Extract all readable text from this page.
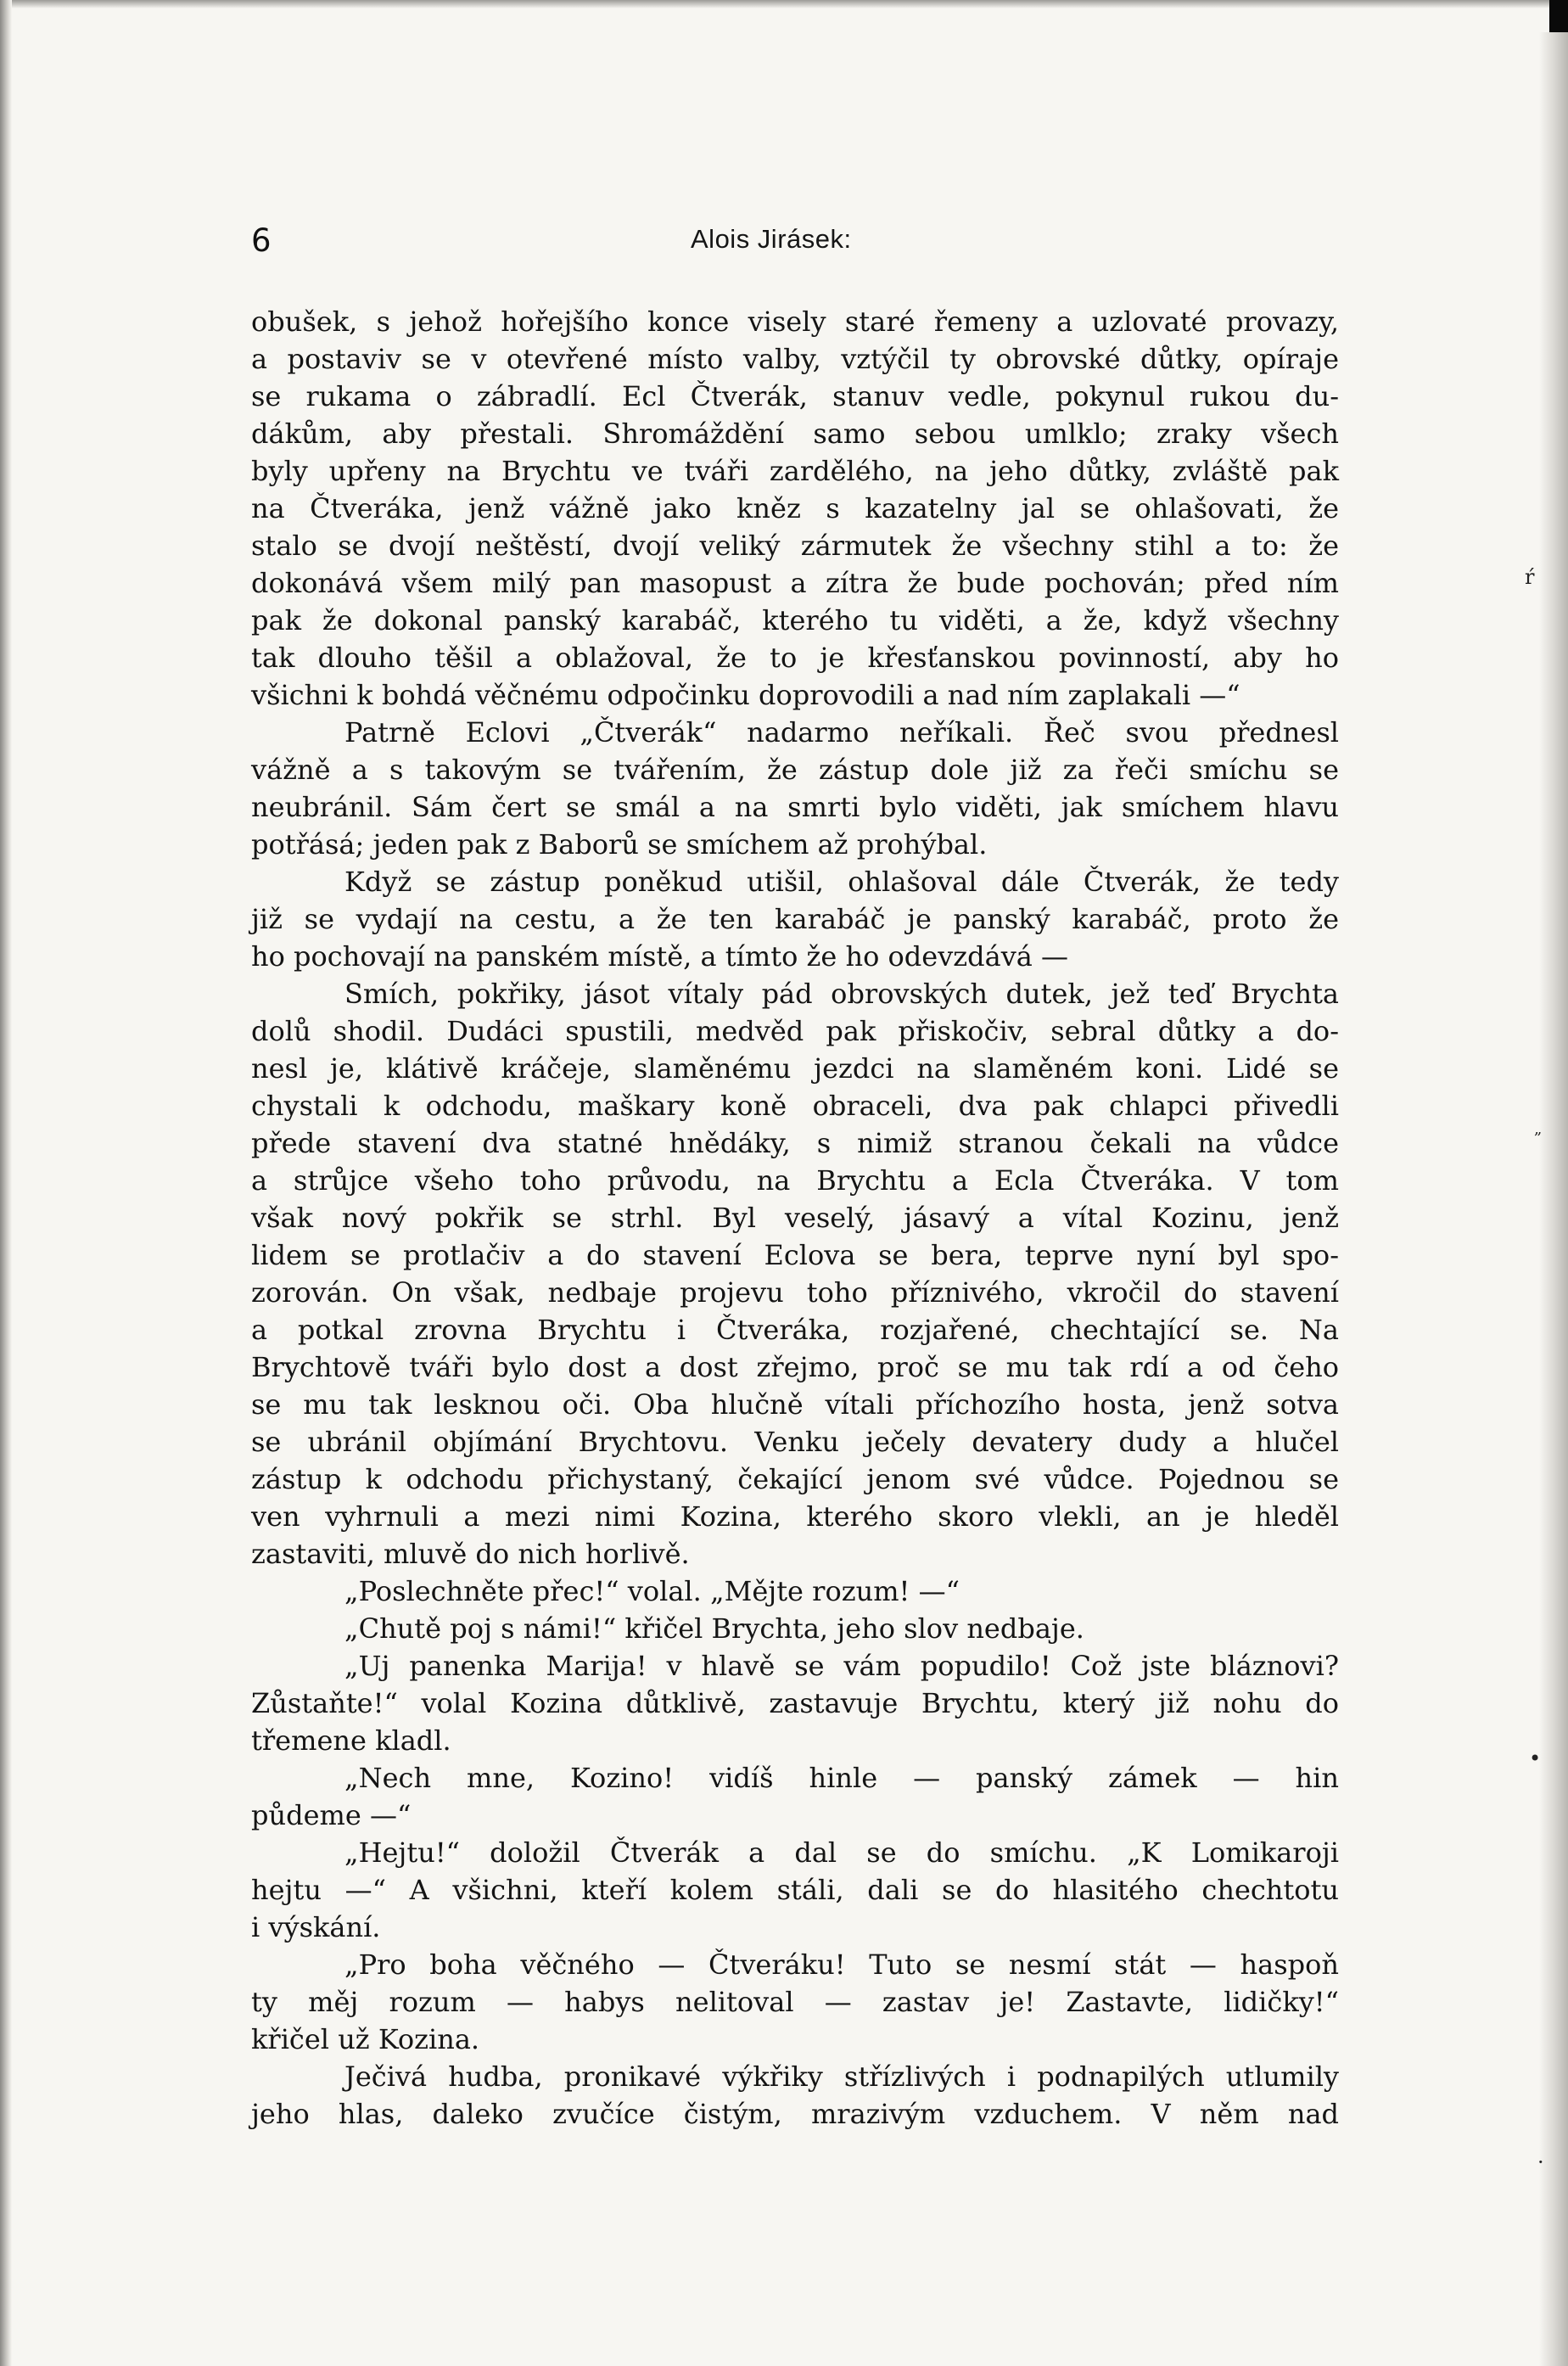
ŕ
„
•
·
6	Alois Jirásek:
obušek, s jehož hořejšího konce visely staré řemeny a uzlovaté provazy,
a postaviv se v otevřené místo valby, vztýčil ty obrovské důtky, opíraje
se rukama o zábradlí. Ecl Čtverák, stanuv vedle, pokynul rukou du-
dákům, aby přestali. Shromáždění samo sebou umlklo; zraky všech
byly upřeny na Brychtu ve tváři zardělého, na jeho důtky, zvláště pak
na Čtveráka, jenž vážně jako kněz s kazatelny jal se ohlašovati, že
stalo se dvojí neštěstí, dvojí veliký zármutek že všechny stihl a to: že
dokonává všem milý pan masopust a zítra že bude pochován; před ním
pak že dokonal panský karabáč, kterého tu viděti, a že, když všechny
tak dlouho těšil a oblažoval, že to je křesťanskou povinností, aby ho
všichni k bohdá věčnému odpočinku doprovodili a nad ním zaplakali —“
Patrně Eclovi „Čtverák“ nadarmo neříkali. Řeč svou přednesl
vážně a s takovým se tvářením, že zástup dole již za řeči smíchu se
neubránil. Sám čert se smál a na smrti bylo viděti, jak smíchem hlavu
potřásá; jeden pak z Baborů se smíchem až prohýbal.
Když se zástup poněkud utišil, ohlašoval dále Čtverák, že tedy
již se vydají na cestu, a že ten karabáč je panský karabáč, proto že
ho pochovají na panském místě, a tímto že ho odevzdává —
Smích, pokřiky, jásot vítaly pád obrovských dutek, jež teď Brychta
dolů shodil. Dudáci spustili, medvěd pak přiskočiv, sebral důtky a do-
nesl je, klátivě kráčeje, slaměnému jezdci na slaměném koni. Lidé se
chystali k odchodu, maškary koně obraceli, dva pak chlapci přivedli
přede stavení dva statné hnědáky, s nimiž stranou čekali na vůdce
a strůjce všeho toho průvodu, na Brychtu a Ecla Čtveráka. V tom
však nový pokřik se strhl. Byl veselý, jásavý a vítal Kozinu, jenž
lidem se protlačiv a do stavení Eclova se bera, teprve nyní byl spo-
zorován. On však, nedbaje projevu toho příznivého, vkročil do stavení
a potkal zrovna Brychtu i Čtveráka, rozjařené, chechtající se. Na
Brychtově tváři bylo dost a dost zřejmo, proč se mu tak rdí a od čeho
se mu tak lesknou oči. Oba hlučně vítali příchozího hosta, jenž sotva
se ubránil objímání Brychtovu. Venku ječely devatery dudy a hlučel
zástup k odchodu přichystaný, čekající jenom své vůdce. Pojednou se
ven vyhrnuli a mezi nimi Kozina, kterého skoro vlekli, an je hleděl
zastaviti, mluvě do nich horlivě.
„Poslechněte přec!“ volal. „Mějte rozum! —“
„Chutě poj s námi!“ křičel Brychta, jeho slov nedbaje.
„Uj panenka Marija! v hlavě se vám popudilo! Což jste bláznovi?
Zůstaňte!“ volal Kozina důtklivě, zastavuje Brychtu, který již nohu do
třemene kladl.
„Nech mne, Kozino! vidíš hinle — panský zámek — hin
půdeme —“
„Hejtu!“ doložil Čtverák a dal se do smíchu. „K Lomikaroji
hejtu —“ A všichni, kteří kolem stáli, dali se do hlasitého chechtotu
i výskání.
„Pro boha věčného — Čtveráku! Tuto se nesmí stát — haspoň
ty měj rozum — habys nelitoval — zastav je! Zastavte, lidičky!“
křičel už Kozina.
Ječivá hudba, pronikavé výkřiky střízlivých i podnapilých utlumily
jeho hlas, daleko zvučíce čistým, mrazivým vzduchem. V něm nad
